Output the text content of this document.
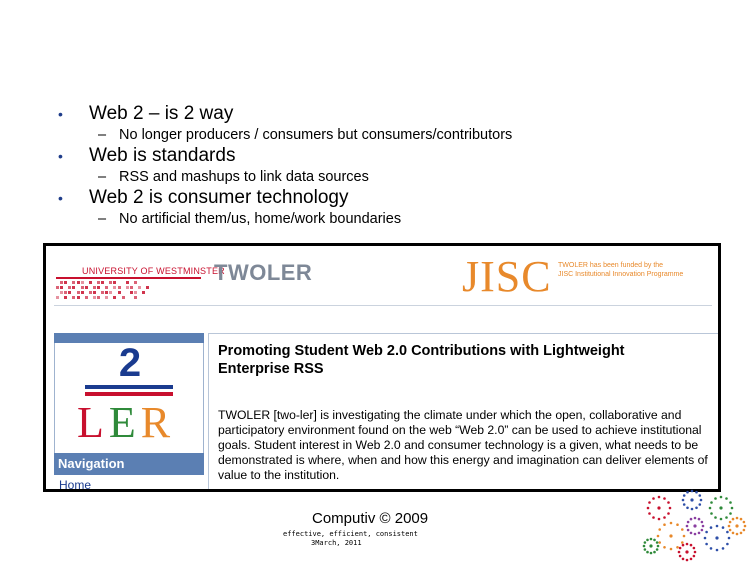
• Web 2 – is 2 way
– No longer producers / consumers but consumers/contributors
• Web is standards
– RSS and mashups to link data sources
• Web 2 is consumer technology
– No artificial them/us, home/work boundaries
UNIVERSITY OF WESTMINSTER
TWOLER	JISC TWOLER has been funded by the
JISC Institutional Innovation Programme
2
LER
Navigation
Home
Promoting Student Web 2.0 Contributions with Lightweight Enterprise RSS
TWOLER [two-ler] is investigating the climate under which the open, collaborative and participatory environment found on the web “Web 2.0” can be used to achieve institutional goals. Student interest in Web 2.0 and consumer technology is a given, what needs to be demonstrated is where, when and how this energy and imagination can deliver elements of value to the institution.
Computiv © 2009
effective, efficient, consistent
3March, 2011
